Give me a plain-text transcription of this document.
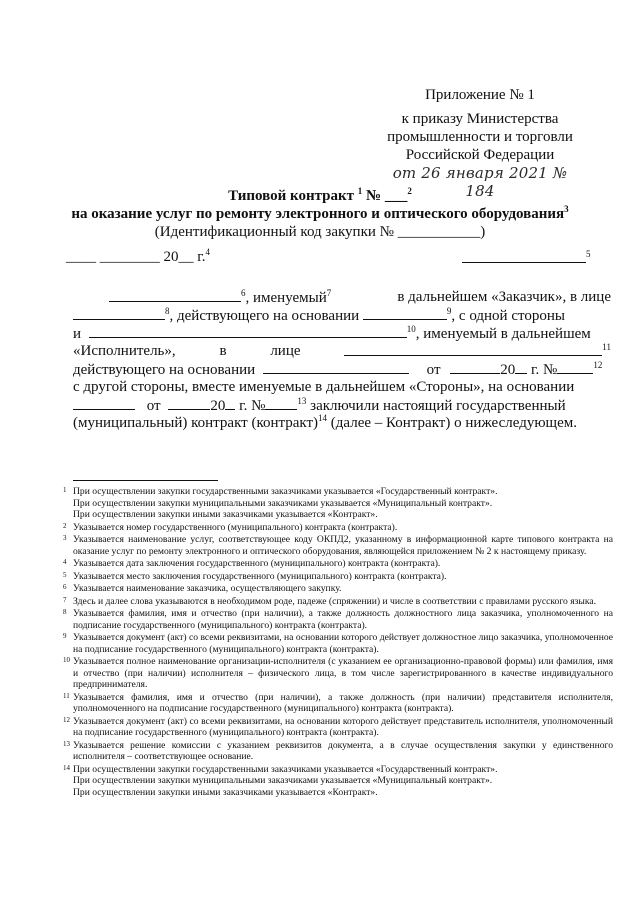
Приложение № 1
к приказу Министерства
промышленности и торговли
Российской Федерации
от 26 января 2021 № 184
Типовой контракт $^1$ № ___$^2$
на оказание услуг по ремонту электронного и оптического оборудования$^3$
(Идентификационный код закупки № ___________)
____ ________ 20__ г.$^4$	$^5$
$^6$, именуемый$^7$	в дальнейшем «Заказчик», в лице
$^8$, действующего на основании	$^9$, с одной стороны
и	$^{10}$, именуемый в дальнейшем
«Исполнитель»,	в	лице	$^{11}$
действующего на основании	от	20 г. №	$^{12}$
с другой стороны, вместе именуемые в дальнейшем «Стороны», на основании
от	20 г. №	$^{13}$ заключили настоящий государственный
(муниципальный) контракт (контракт)$^{14}$ (далее – Контракт) о нижеследующем.
1 При осуществлении закупки государственными заказчиками указывается «Государственный контракт».

При осуществлении закупки муниципальными заказчиками указывается «Муниципальный контракт».

При осуществлении закупки иными заказчиками указывается «Контракт».

2 Указывается номер государственного (муниципального) контракта (контракта).

3 Указывается наименование услуг, соответствующее коду ОКПД2, указанному в информационной карте типового контракта на оказание услуг по ремонту электронного и оптического оборудования, являющейся приложением № 2 к настоящему приказу.

4 Указывается дата заключения государственного (муниципального) контракта (контракта).

5 Указывается место заключения государственного (муниципального) контракта (контракта).

6 Указывается наименование заказчика, осуществляющего закупку.

7 Здесь и далее слова указываются в необходимом роде, падеже (спряжении) и числе в соответствии с правилами русского языка.

8 Указывается фамилия, имя и отчество (при наличии), а также должность должностного лица заказчика, уполномоченного на подписание государственного (муниципального) контракта (контракта).

9 Указывается документ (акт) со всеми реквизитами, на основании которого действует должностное лицо заказчика, уполномоченное на подписание государственного (муниципального) контракта (контракта).

10 Указывается полное наименование организации-исполнителя (с указанием ее организационно-правовой формы) или фамилия, имя и отчество (при наличии) исполнителя – физического лица, в том числе зарегистрированного в качестве индивидуального предпринимателя.

11 Указывается фамилия, имя и отчество (при наличии), а также должность (при наличии) представителя исполнителя, уполномоченного на подписание государственного (муниципального) контракта (контракта).

12 Указывается документ (акт) со всеми реквизитами, на основании которого действует представитель исполнителя, уполномоченный на подписание государственного (муниципального) контракта (контракта).

13 Указывается решение комиссии с указанием реквизитов документа, а в случае осуществления закупки у единственного исполнителя – соответствующее основание.

14 При осуществлении закупки государственными заказчиками указывается «Государственный контракт».

При осуществлении закупки муниципальными заказчиками указывается «Муниципальный контракт».

При осуществлении закупки иными заказчиками указывается «Контракт».
